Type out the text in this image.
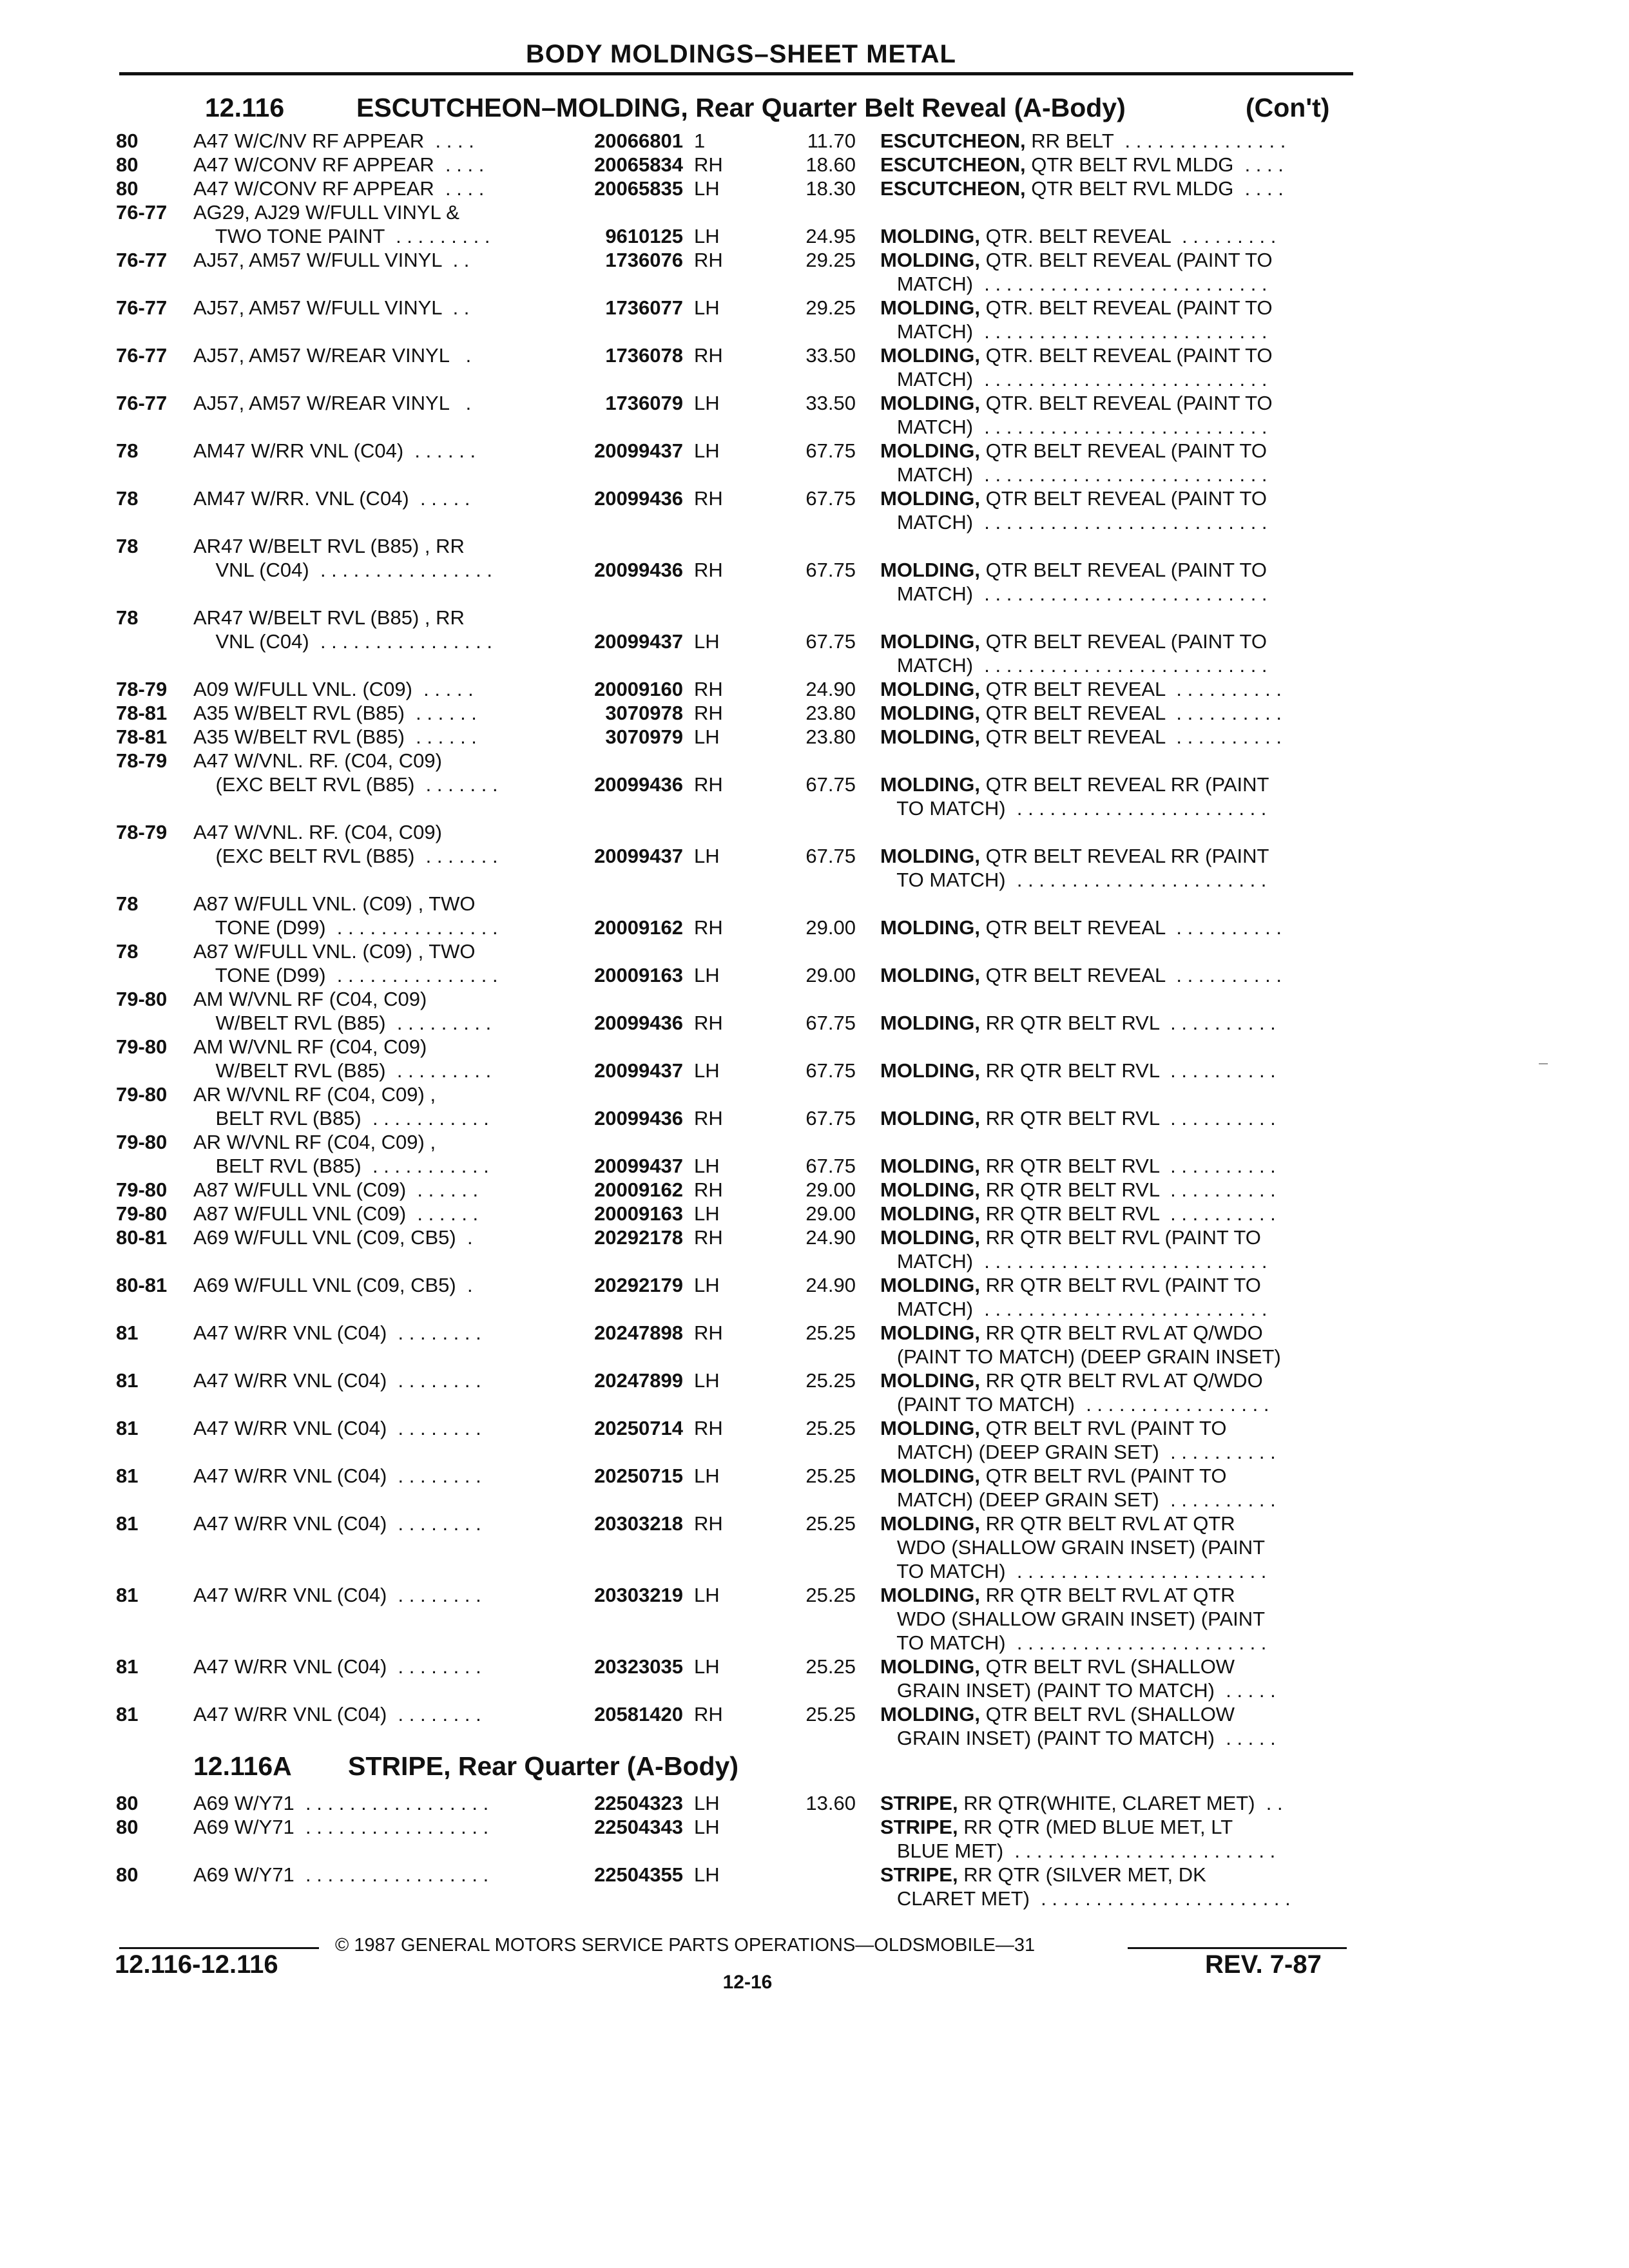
BODY MOLDINGS–SHEET METAL
12.116	ESCUTCHEON–MOLDING, Rear Quarter Belt Reveal (A-Body)	(Con't)
12.116A STRIPE, Rear Quarter (A-Body)
80	A47 W/C/NV RF APPEAR  . . . .	20066801 1	11.70 ESCUTCHEON, RR BELT  . . . . . . . . . . . . . . .
80	A47 W/CONV RF APPEAR  . . . .	20065834 RH	18.60 ESCUTCHEON, QTR BELT RVL MLDG  . . . .
80	A47 W/CONV RF APPEAR  . . . .	20065835 LH	18.30 ESCUTCHEON, QTR BELT RVL MLDG  . . . .
76-77 AG29, AJ29 W/FULL VINYL &
TWO TONE PAINT  . . . . . . . . .	9610125 LH	24.95 MOLDING, QTR. BELT REVEAL  . . . . . . . . .
76-77 AJ57, AM57 W/FULL VINYL  . .	1736076 RH	29.25 MOLDING, QTR. BELT REVEAL (PAINT TO
MATCH)  . . . . . . . . . . . . . . . . . . . . . . . . . .
76-77 AJ57, AM57 W/FULL VINYL  . .	1736077 LH	29.25 MOLDING, QTR. BELT REVEAL (PAINT TO
MATCH)  . . . . . . . . . . . . . . . . . . . . . . . . . .
76-77 AJ57, AM57 W/REAR VINYL   .	1736078 RH	33.50 MOLDING, QTR. BELT REVEAL (PAINT TO
MATCH)  . . . . . . . . . . . . . . . . . . . . . . . . . .
76-77 AJ57, AM57 W/REAR VINYL   .	1736079 LH	33.50 MOLDING, QTR. BELT REVEAL (PAINT TO
MATCH)  . . . . . . . . . . . . . . . . . . . . . . . . . .
78	AM47 W/RR VNL (C04)  . . . . . .	20099437 LH	67.75 MOLDING, QTR BELT REVEAL (PAINT TO
MATCH)  . . . . . . . . . . . . . . . . . . . . . . . . . .
78	AM47 W/RR. VNL (C04)  . . . . .	20099436 RH	67.75 MOLDING, QTR BELT REVEAL (PAINT TO
MATCH)  . . . . . . . . . . . . . . . . . . . . . . . . . .
78	AR47 W/BELT RVL (B85) , RR
VNL (C04)  . . . . . . . . . . . . . . . .	20099436 RH	67.75 MOLDING, QTR BELT REVEAL (PAINT TO
MATCH)  . . . . . . . . . . . . . . . . . . . . . . . . . .
78	AR47 W/BELT RVL (B85) , RR
VNL (C04)  . . . . . . . . . . . . . . . .	20099437 LH	67.75 MOLDING, QTR BELT REVEAL (PAINT TO
MATCH)  . . . . . . . . . . . . . . . . . . . . . . . . . .
78-79 A09 W/FULL VNL. (C09)  . . . . .	20009160 RH	24.90 MOLDING, QTR BELT REVEAL  . . . . . . . . . .
78-81 A35 W/BELT RVL (B85)  . . . . . .	3070978 RH	23.80 MOLDING, QTR BELT REVEAL  . . . . . . . . . .
78-81 A35 W/BELT RVL (B85)  . . . . . .	3070979 LH	23.80 MOLDING, QTR BELT REVEAL  . . . . . . . . . .
78-79 A47 W/VNL. RF. (C04, C09)
(EXC BELT RVL (B85)  . . . . . . .	20099436 RH	67.75 MOLDING, QTR BELT REVEAL RR (PAINT
TO MATCH)  . . . . . . . . . . . . . . . . . . . . . . .
78-79 A47 W/VNL. RF. (C04, C09)
(EXC BELT RVL (B85)  . . . . . . .	20099437 LH	67.75 MOLDING, QTR BELT REVEAL RR (PAINT
TO MATCH)  . . . . . . . . . . . . . . . . . . . . . . .
78	A87 W/FULL VNL. (C09) , TWO
TONE (D99)  . . . . . . . . . . . . . . .	20009162 RH	29.00 MOLDING, QTR BELT REVEAL  . . . . . . . . . .
78	A87 W/FULL VNL. (C09) , TWO
TONE (D99)  . . . . . . . . . . . . . . .	20009163 LH	29.00 MOLDING, QTR BELT REVEAL  . . . . . . . . . .
79-80 AM W/VNL RF (C04, C09)
W/BELT RVL (B85)  . . . . . . . . .	20099436 RH	67.75 MOLDING, RR QTR BELT RVL  . . . . . . . . . .
79-80 AM W/VNL RF (C04, C09)
W/BELT RVL (B85)  . . . . . . . . .	20099437 LH	67.75 MOLDING, RR QTR BELT RVL  . . . . . . . . . .
79-80 AR W/VNL RF (C04, C09) ,
BELT RVL (B85)  . . . . . . . . . . .	20099436 RH	67.75 MOLDING, RR QTR BELT RVL  . . . . . . . . . .
79-80 AR W/VNL RF (C04, C09) ,
BELT RVL (B85)  . . . . . . . . . . .	20099437 LH	67.75 MOLDING, RR QTR BELT RVL  . . . . . . . . . .
79-80 A87 W/FULL VNL (C09)  . . . . . .	20009162 RH	29.00 MOLDING, RR QTR BELT RVL  . . . . . . . . . .
79-80 A87 W/FULL VNL (C09)  . . . . . .	20009163 LH	29.00 MOLDING, RR QTR BELT RVL  . . . . . . . . . .
80-81 A69 W/FULL VNL (C09, CB5)  .	20292178 RH	24.90 MOLDING, RR QTR BELT RVL (PAINT TO
MATCH)  . . . . . . . . . . . . . . . . . . . . . . . . . .
80-81 A69 W/FULL VNL (C09, CB5)  .	20292179 LH	24.90 MOLDING, RR QTR BELT RVL (PAINT TO
MATCH)  . . . . . . . . . . . . . . . . . . . . . . . . . .
81	A47 W/RR VNL (C04)  . . . . . . . .	20247898 RH	25.25 MOLDING, RR QTR BELT RVL AT Q/WDO
(PAINT TO MATCH) (DEEP GRAIN INSET)
81	A47 W/RR VNL (C04)  . . . . . . . .	20247899 LH	25.25 MOLDING, RR QTR BELT RVL AT Q/WDO
(PAINT TO MATCH)  . . . . . . . . . . . . . . . . .
81	A47 W/RR VNL (C04)  . . . . . . . .	20250714 RH	25.25 MOLDING, QTR BELT RVL (PAINT TO
MATCH) (DEEP GRAIN SET)  . . . . . . . . . .
81	A47 W/RR VNL (C04)  . . . . . . . .	20250715 LH	25.25 MOLDING, QTR BELT RVL (PAINT TO
MATCH) (DEEP GRAIN SET)  . . . . . . . . . .
81	A47 W/RR VNL (C04)  . . . . . . . .	20303218 RH	25.25 MOLDING, RR QTR BELT RVL AT QTR
WDO (SHALLOW GRAIN INSET) (PAINT
TO MATCH)  . . . . . . . . . . . . . . . . . . . . . . .
81	A47 W/RR VNL (C04)  . . . . . . . .	20303219 LH	25.25 MOLDING, RR QTR BELT RVL AT QTR
WDO (SHALLOW GRAIN INSET) (PAINT
TO MATCH)  . . . . . . . . . . . . . . . . . . . . . . .
81	A47 W/RR VNL (C04)  . . . . . . . .	20323035 LH	25.25 MOLDING, QTR BELT RVL (SHALLOW
GRAIN INSET) (PAINT TO MATCH)  . . . . .
81	A47 W/RR VNL (C04)  . . . . . . . .	20581420 RH	25.25 MOLDING, QTR BELT RVL (SHALLOW
GRAIN INSET) (PAINT TO MATCH)  . . . . .
80	A69 W/Y71  . . . . . . . . . . . . . . . . .	22504323 LH	13.60 STRIPE, RR QTR(WHITE, CLARET MET)  . .
80	A69 W/Y71  . . . . . . . . . . . . . . . . .	22504343 LH	STRIPE, RR QTR (MED BLUE MET, LT
BLUE MET)  . . . . . . . . . . . . . . . . . . . . . . . .
80	A69 W/Y71  . . . . . . . . . . . . . . . . .	22504355 LH	STRIPE, RR QTR (SILVER MET, DK
CLARET MET)  . . . . . . . . . . . . . . . . . . . . . . .
© 1987 GENERAL MOTORS SERVICE PARTS OPERATIONS—OLDSMOBILE—31
12.116-12.116
12-16
REV. 7-87
